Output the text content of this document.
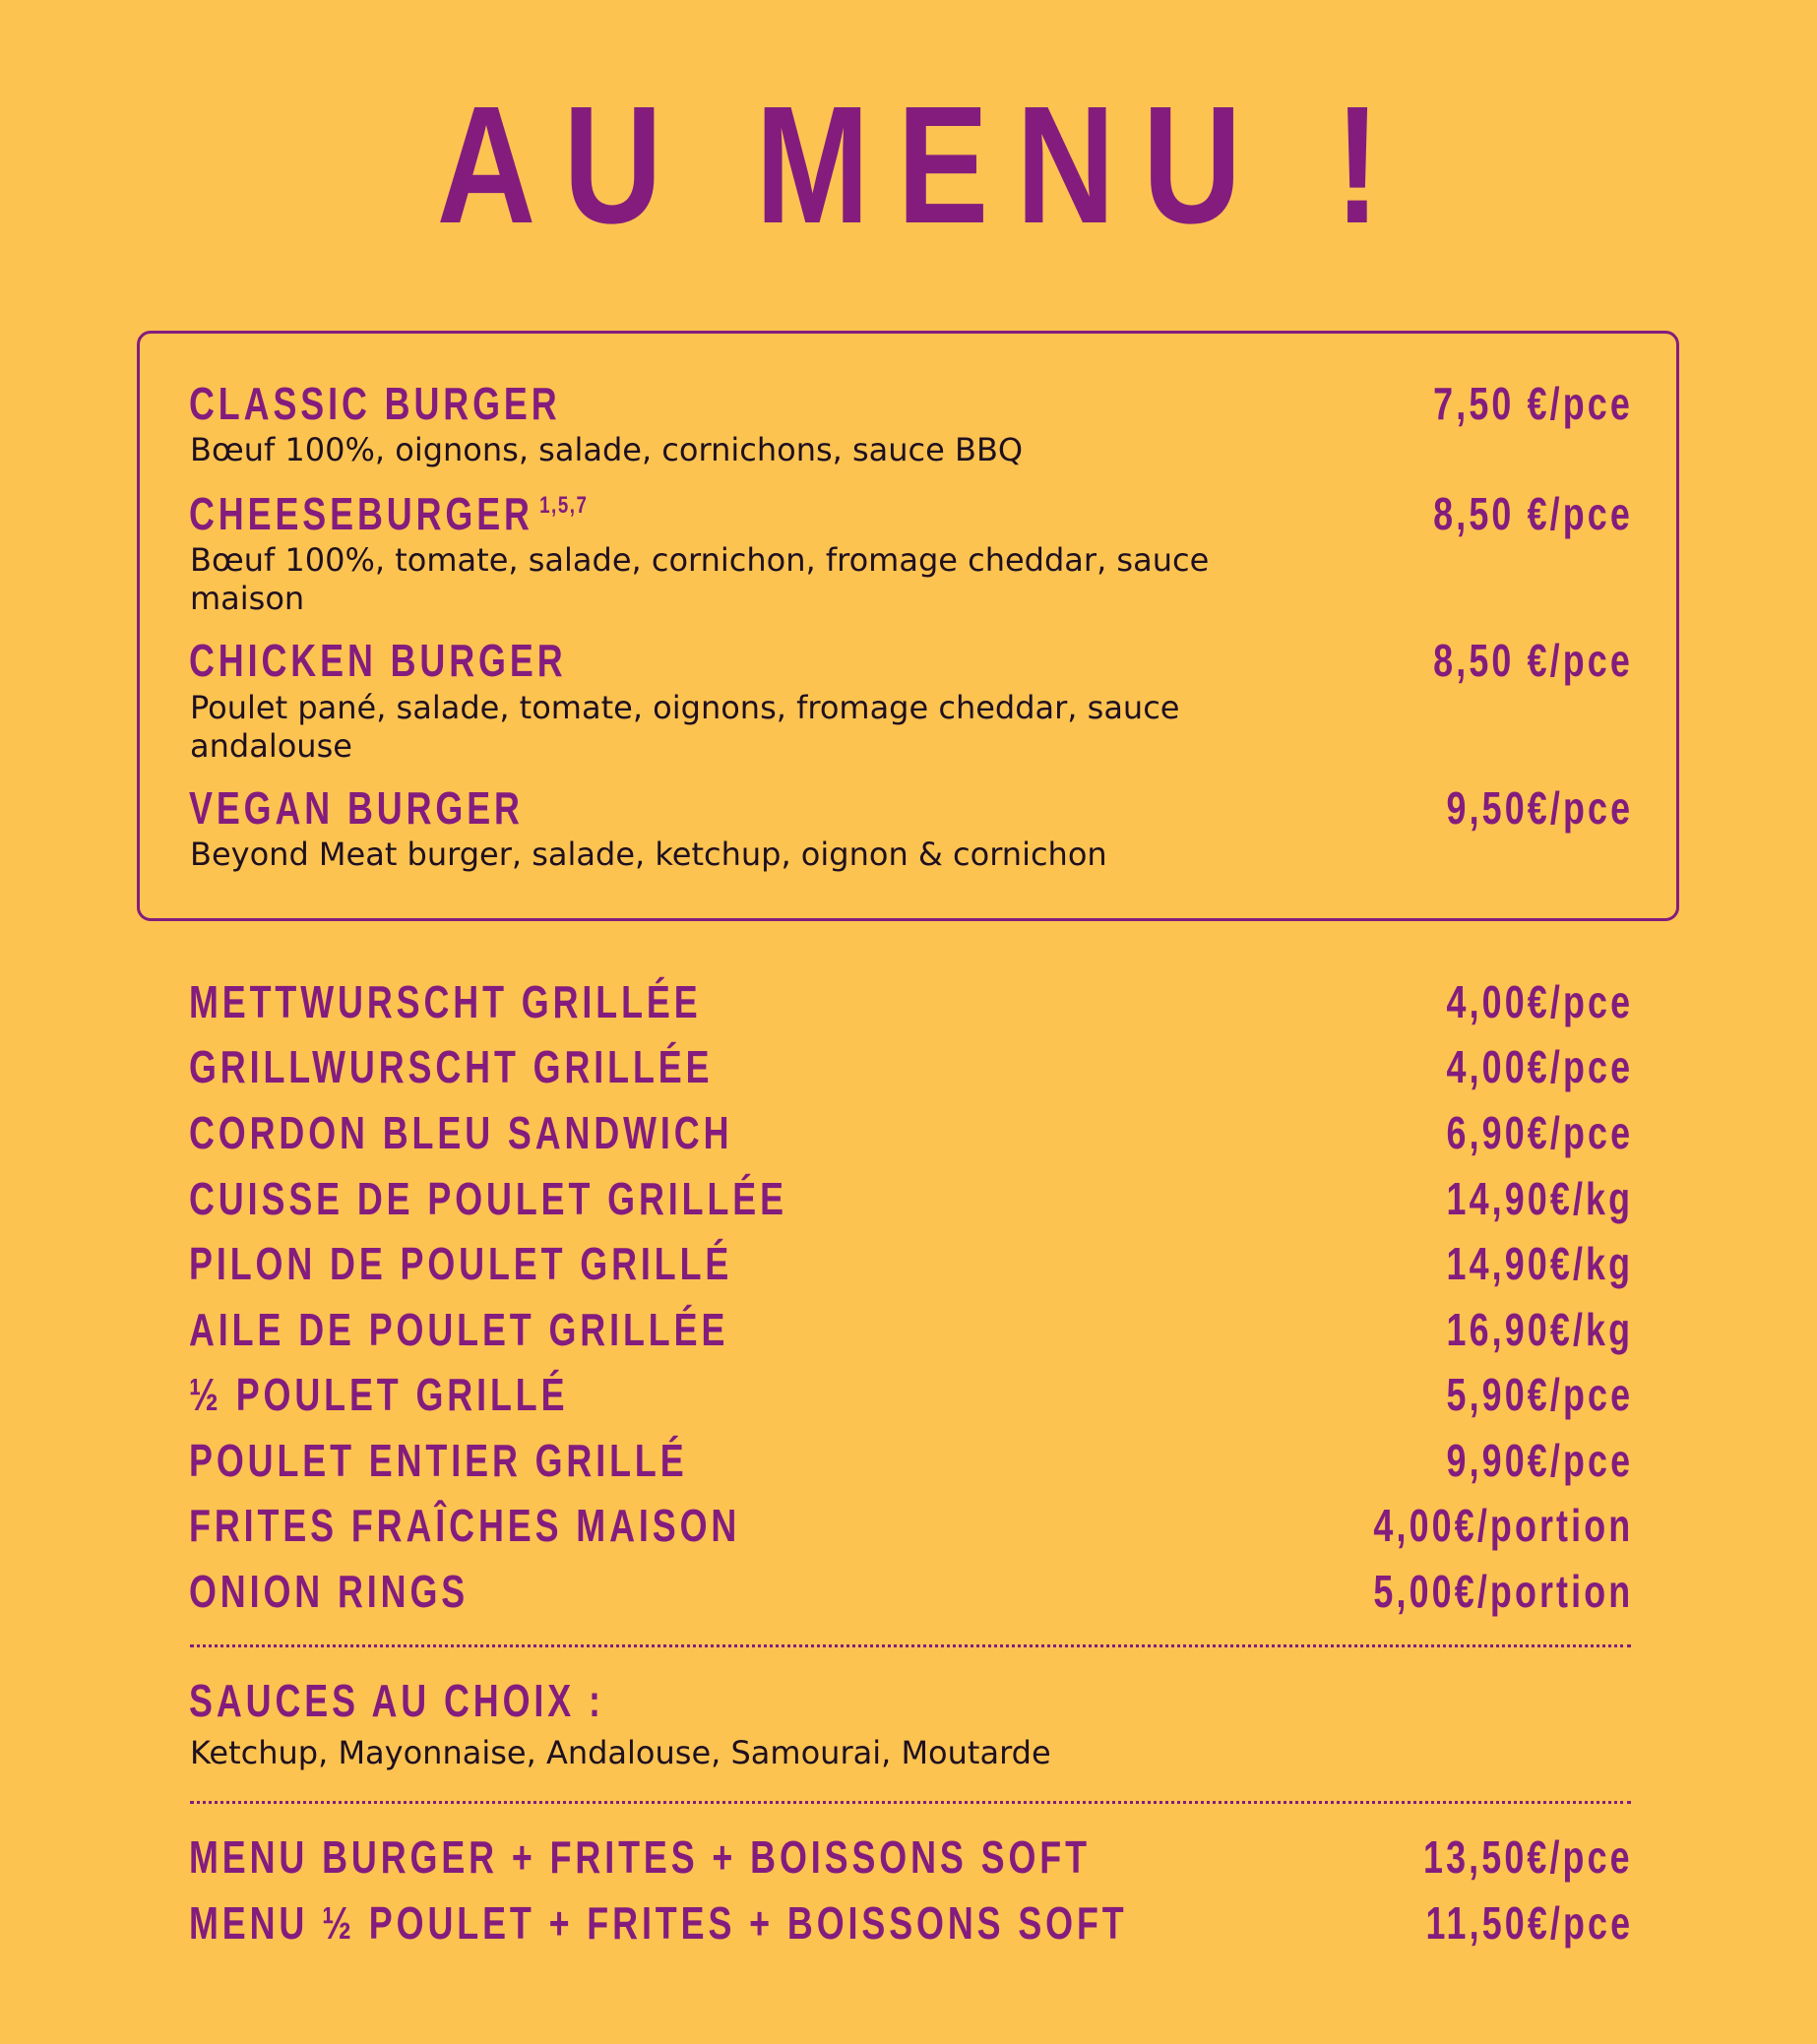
AU MENU !
CLASSIC BURGER	7,50 €/pce
Bœuf 100%, oignons, salade, cornichons, sauce BBQ
CHEESEBURGER $^{1,5,7}$	8,50 €/pce
Bœuf 100%, tomate, salade, cornichon, fromage cheddar, sauce maison
CHICKEN BURGER	8,50 €/pce
Poulet pané, salade, tomate, oignons, fromage cheddar, sauce andalouse
VEGAN BURGER	9,50€/pce
Beyond Meat burger, salade, ketchup, oignon & cornichon
METTWURSCHT GRILLÉE	4,00€/pce
GRILLWURSCHT GRILLÉE	4,00€/pce
CORDON BLEU SANDWICH	6,90€/pce
CUISSE DE POULET GRILLÉE	14,90€/kg
PILON DE POULET GRILLÉ	14,90€/kg
AILE DE POULET GRILLÉE	16,90€/kg
½ POULET GRILLÉ	5,90€/pce
POULET ENTIER GRILLÉ	9,90€/pce
FRITES FRAÎCHES MAISON	4,00€/portion
ONION RINGS	5,00€/portion
SAUCES AU CHOIX :
Ketchup, Mayonnaise, Andalouse, Samourai, Moutarde
MENU BURGER + FRITES + BOISSONS SOFT	13,50€/pce
MENU ½ POULET + FRITES + BOISSONS SOFT	11,50€/pce
